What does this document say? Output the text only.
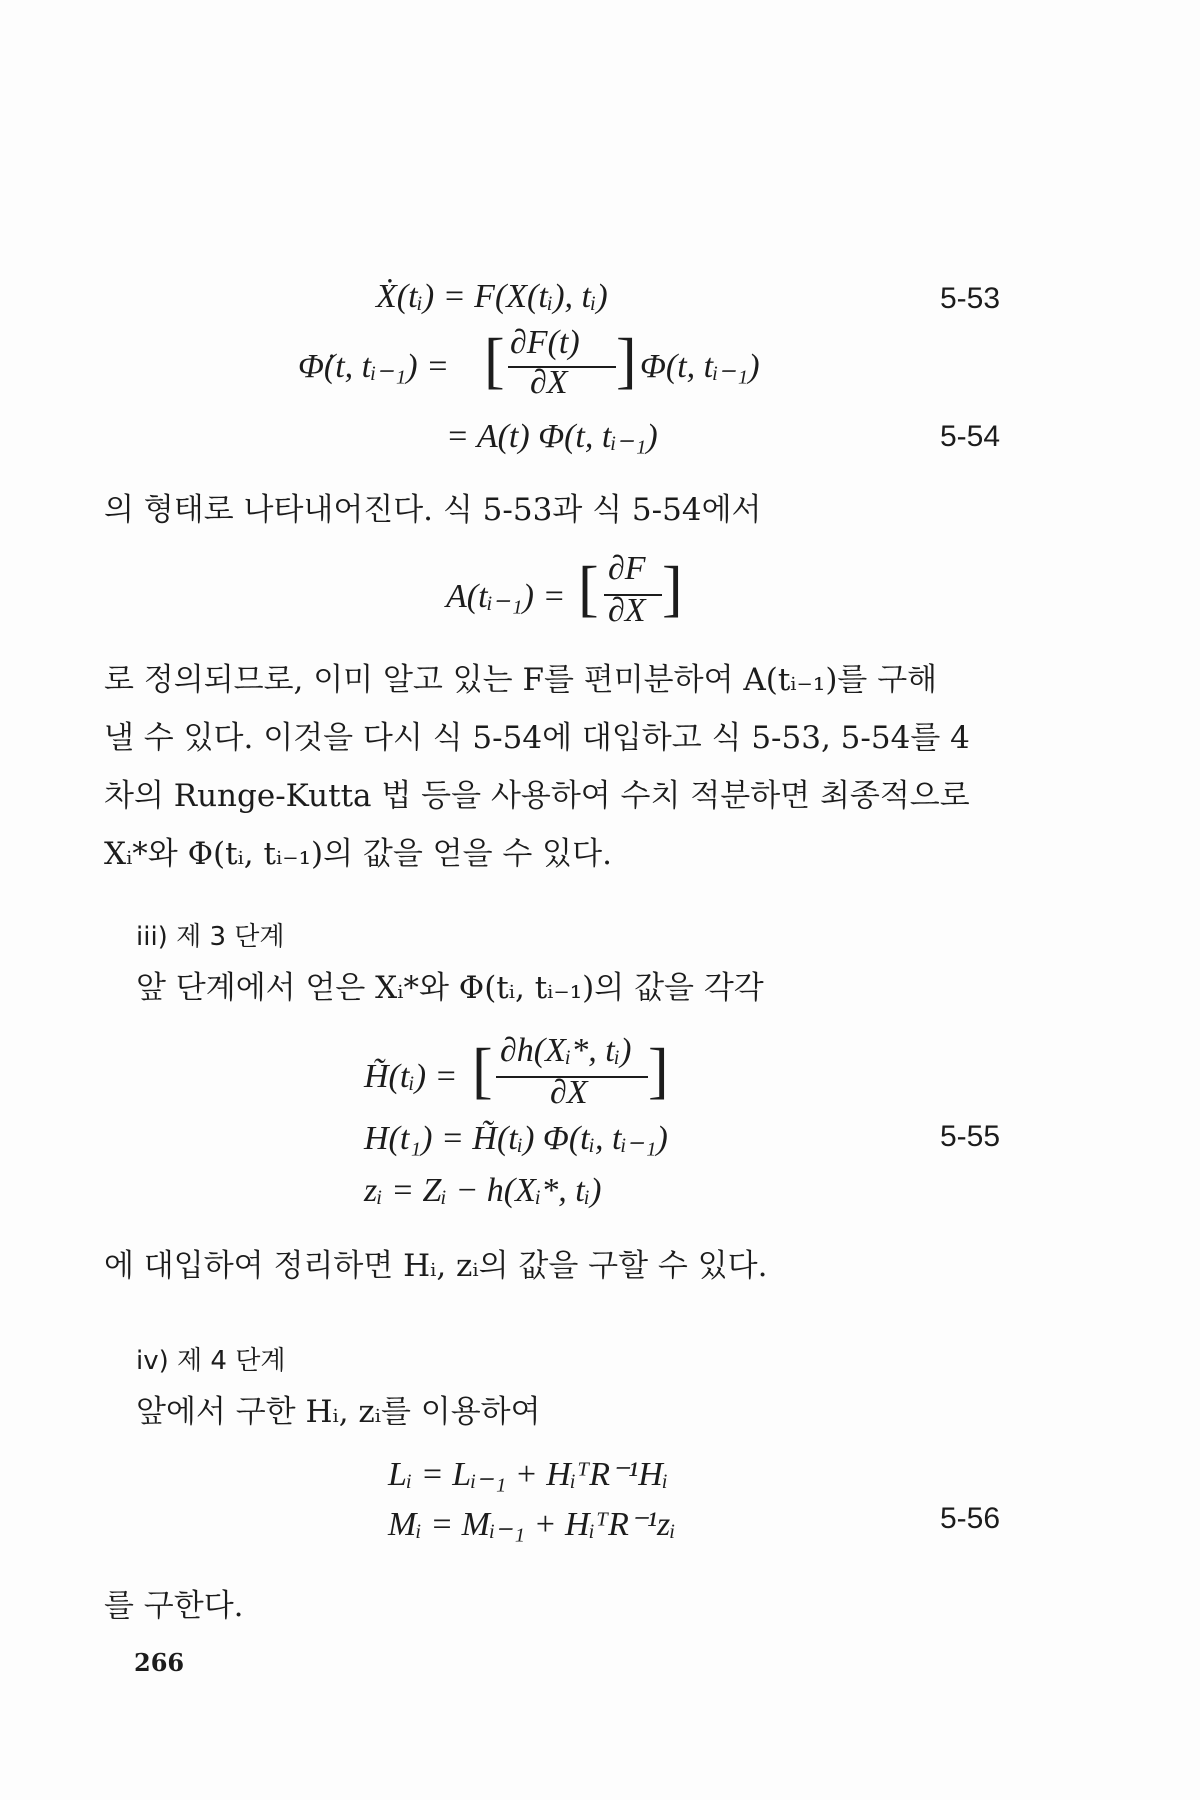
Ẋ(tᵢ) = F(X(tᵢ), tᵢ)	5-53
Φ̇(t, tᵢ₋₁) = [ ∂F(t)
∂X ] Φ(t, tᵢ₋₁)
= A(t) Φ(t, tᵢ₋₁)	5-54
의 형태로 나타내어진다. 식 5-53과 식 5-54에서
A(tᵢ₋₁) = [ ∂F
∂X ]
로 정의되므로, 이미 알고 있는 F를 편미분하여 A(tᵢ₋₁)를 구해
낼 수 있다. 이것을 다시 식 5-54에 대입하고 식 5-53, 5-54를 4
차의 Runge-Kutta 법 등을 사용하여 수치 적분하면 최종적으로
Xᵢ*와 Φ(tᵢ, tᵢ₋₁)의 값을 얻을 수 있다.
iii) 제 3 단계
앞 단계에서 얻은 Xᵢ*와 Φ(tᵢ, tᵢ₋₁)의 값을 각각
H̃(tᵢ) = [ ∂h(Xᵢ*, tᵢ)
∂X ]
H(t₁) = H̃(tᵢ) Φ(tᵢ, tᵢ₋₁)	5-55
zᵢ = Zᵢ − h(Xᵢ*, tᵢ)
에 대입하여 정리하면 Hᵢ, zᵢ의 값을 구할 수 있다.
iv) 제 4 단계
앞에서 구한 Hᵢ, zᵢ를 이용하여
Lᵢ = Lᵢ₋₁ + HᵢᵀR⁻¹Hᵢ
Mᵢ = Mᵢ₋₁ + HᵢᵀR⁻¹zᵢ	5-56
를 구한다.
266
